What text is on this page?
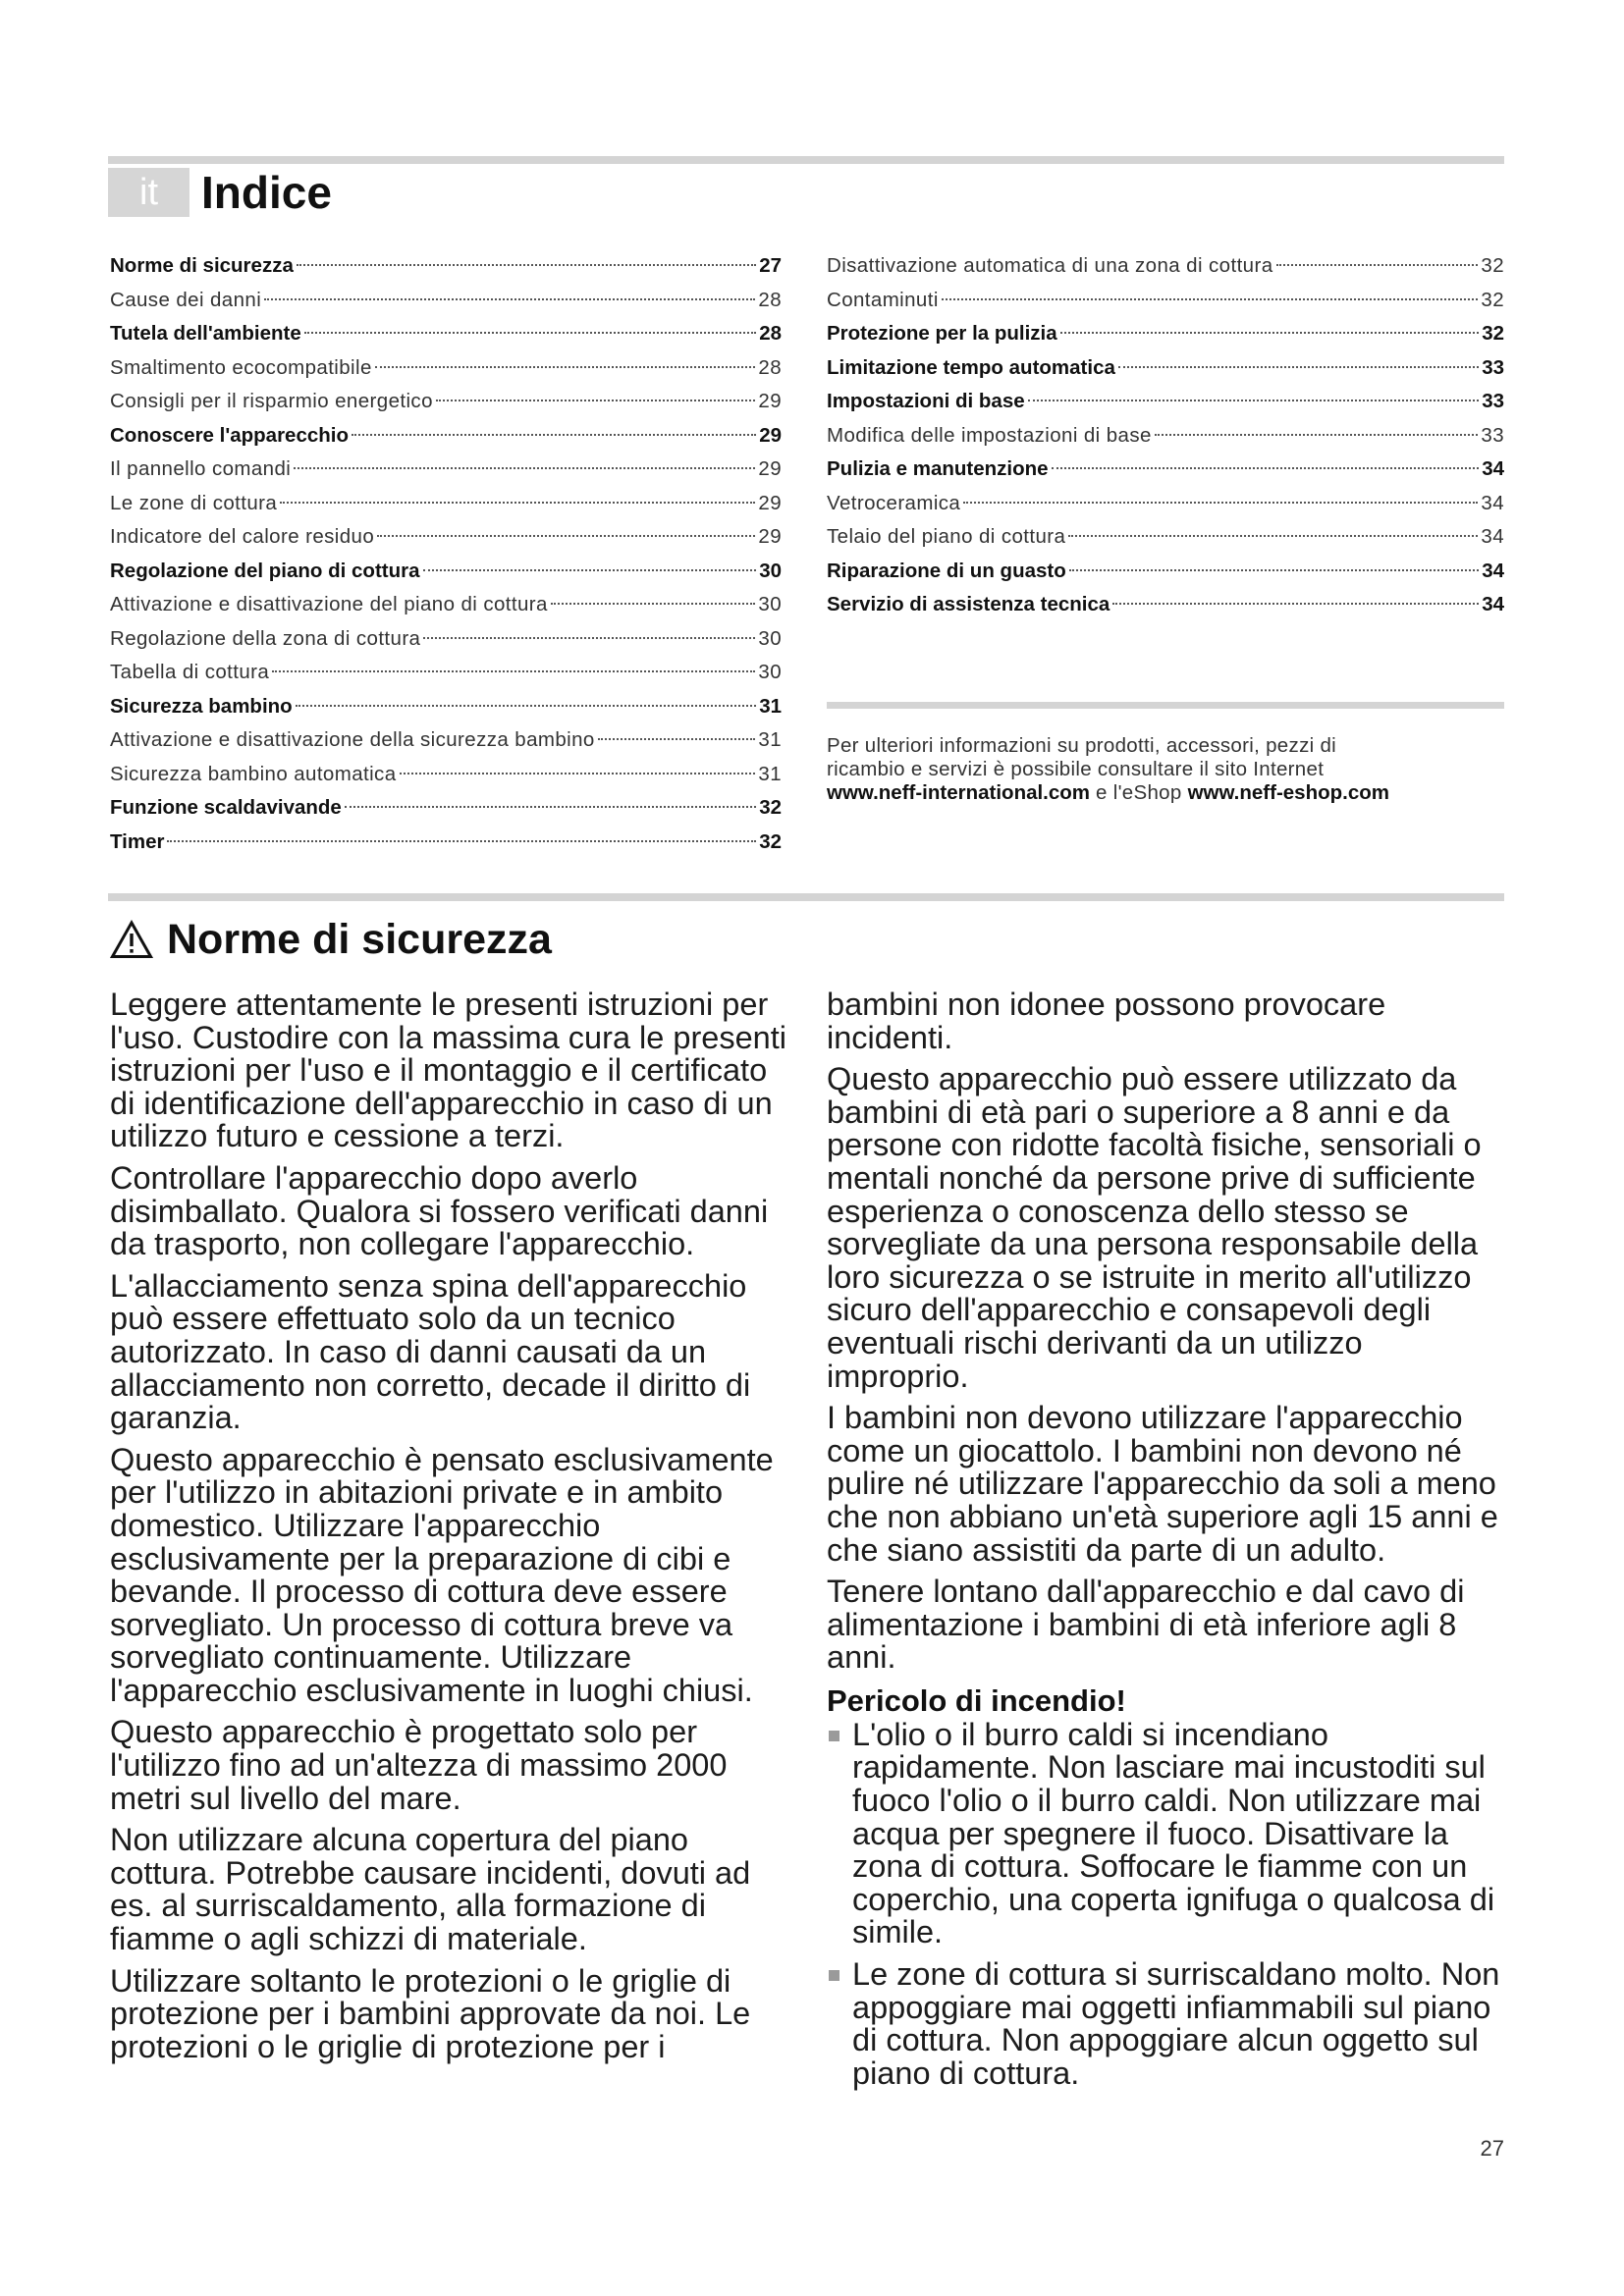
it Indice
Norme di sicurezza	27
Cause dei danni	28
Tutela dell'ambiente	28
Smaltimento ecocompatibile	28
Consigli per il risparmio energetico	29
Conoscere l'apparecchio	29
Il pannello comandi	29
Le zone di cottura	29
Indicatore del calore residuo	29
Regolazione del piano di cottura	30
Attivazione e disattivazione del piano di cottura	30
Regolazione della zona di cottura	30
Tabella di cottura	30
Sicurezza bambino	31
Attivazione e disattivazione della sicurezza bambino	31
Sicurezza bambino automatica	31
Funzione scaldavivande	32
Timer	32
Disattivazione automatica di una zona di cottura	32
Contaminuti	32
Protezione per la pulizia	32
Limitazione tempo automatica	33
Impostazioni di base	33
Modifica delle impostazioni di base	33
Pulizia e manutenzione	34
Vetroceramica	34
Telaio del piano di cottura	34
Riparazione di un guasto	34
Servizio di assistenza tecnica	34
Per ulteriori informazioni su prodotti, accessori, pezzi di
ricambio e servizi è possibile consultare il sito Internet
www.neff-international.com e l'eShop www.neff-eshop.com
Norme di sicurezza

Leggere attentamente le presenti istruzioni per l'uso. Custodire con la massima cura le presenti istruzioni per l'uso e il montaggio e il certificato di identificazione dell'apparecchio in caso di un utilizzo futuro e cessione a terzi.

Controllare l'apparecchio dopo averlo disimballato. Qualora si fossero verificati danni da trasporto, non collegare l'apparecchio.

L'allacciamento senza spina dell'apparecchio può essere effettuato solo da un tecnico autorizzato. In caso di danni causati da un allacciamento non corretto, decade il diritto di garanzia.

Questo apparecchio è pensato esclusivamente per l'utilizzo in abitazioni private e in ambito domestico. Utilizzare l'apparecchio esclusivamente per la preparazione di cibi e bevande. Il processo di cottura deve essere sorvegliato. Un processo di cottura breve va sorvegliato continuamente. Utilizzare l'apparecchio esclusivamente in luoghi chiusi.

Questo apparecchio è progettato solo per l'utilizzo fino ad un'altezza di massimo 2000 metri sul livello del mare.

Non utilizzare alcuna copertura del piano cottura. Potrebbe causare incidenti, dovuti ad es. al surriscaldamento, alla formazione di fiamme o agli schizzi di materiale.

Utilizzare soltanto le protezioni o le griglie di protezione per i bambini approvate da noi. Le protezioni o le griglie di protezione per i

bambini non idonee possono provocare incidenti.

Questo apparecchio può essere utilizzato da bambini di età pari o superiore a 8 anni e da persone con ridotte facoltà fisiche, sensoriali o mentali nonché da persone prive di sufficiente esperienza o conoscenza dello stesso se sorvegliate da una persona responsabile della loro sicurezza o se istruite in merito all'utilizzo sicuro dell'apparecchio e consapevoli degli eventuali rischi derivanti da un utilizzo improprio.

I bambini non devono utilizzare l'apparecchio come un giocattolo. I bambini non devono né pulire né utilizzare l'apparecchio da soli a meno che non abbiano un'età superiore agli 15 anni e che siano assistiti da parte di un adulto.

Tenere lontano dall'apparecchio e dal cavo di alimentazione i bambini di età inferiore agli 8 anni.

Pericolo di incendio!
L'olio o il burro caldi si incendiano rapidamente. Non lasciare mai incustoditi sul fuoco l'olio o il burro caldi. Non utilizzare mai acqua per spegnere il fuoco. Disattivare la zona di cottura. Soffocare le fiamme con un coperchio, una coperta ignifuga o qualcosa di simile.
Le zone di cottura si surriscaldano molto. Non appoggiare mai oggetti infiammabili sul piano di cottura. Non appoggiare alcun oggetto sul piano di cottura.
27
